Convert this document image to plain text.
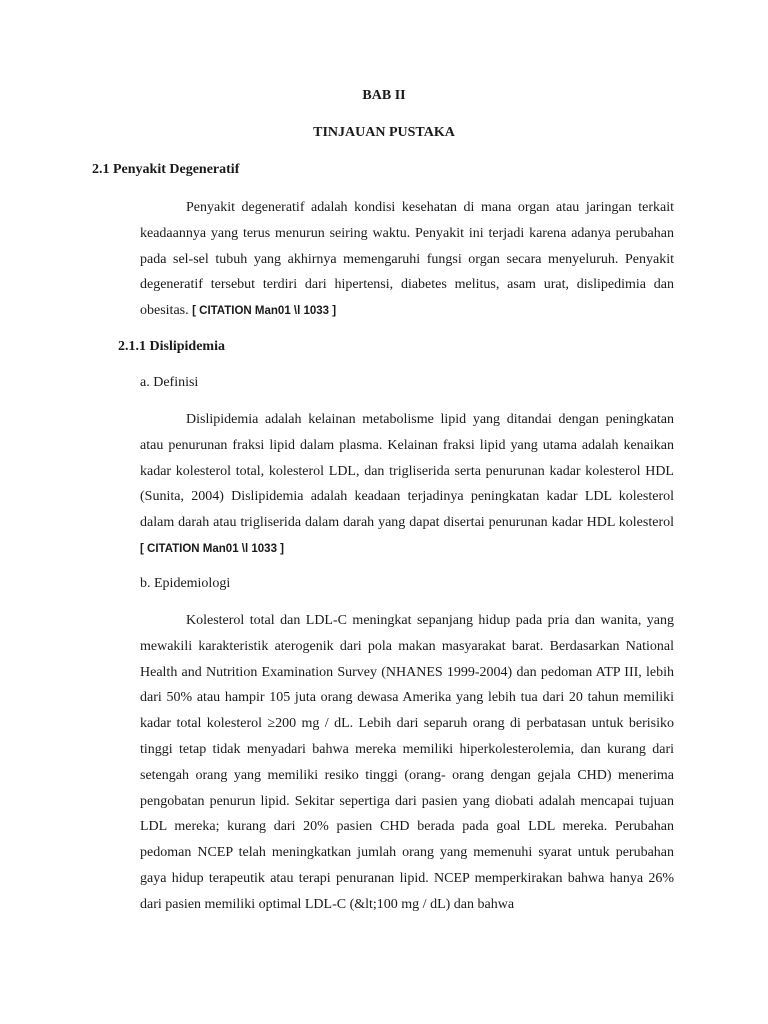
BAB II
TINJAUAN PUSTAKA
2.1 Penyakit Degeneratif

Penyakit degeneratif adalah kondisi kesehatan di mana organ atau jaringan terkait keadaannya yang terus menurun seiring waktu. Penyakit ini terjadi karena adanya perubahan pada sel-sel tubuh yang akhirnya memengaruhi fungsi organ secara menyeluruh. Penyakit degeneratif tersebut terdiri dari hipertensi, diabetes melitus, asam urat, dislipedimia dan obesitas. [ CITATION Man01 \l 1033 ]

2.1.1 Dislipidemia
a. Definisi

Dislipidemia adalah kelainan metabolisme lipid yang ditandai dengan peningkatan atau penurunan fraksi lipid dalam plasma. Kelainan fraksi lipid yang utama adalah kenaikan kadar kolesterol total, kolesterol LDL, dan trigliserida serta penurunan kadar kolesterol HDL (Sunita, 2004) Dislipidemia adalah keadaan terjadinya peningkatan kadar LDL kolesterol dalam darah atau trigliserida dalam darah yang dapat disertai penurunan kadar HDL kolesterol [ CITATION Man01 \l 1033 ]

b. Epidemiologi

Kolesterol total dan LDL-C meningkat sepanjang hidup pada pria dan wanita, yang mewakili karakteristik aterogenik dari pola makan masyarakat barat. Berdasarkan National Health and Nutrition Examination Survey (NHANES 1999-2004) dan pedoman ATP III, lebih dari 50% atau hampir 105 juta orang dewasa Amerika yang lebih tua dari 20 tahun memiliki kadar total kolesterol ≥200 mg / dL. Lebih dari separuh orang di perbatasan untuk berisiko tinggi tetap tidak menyadari bahwa mereka memiliki hiperkolesterolemia, dan kurang dari setengah orang yang memiliki resiko tinggi (orang- orang dengan gejala CHD) menerima pengobatan penurun lipid. Sekitar sepertiga dari pasien yang diobati adalah mencapai tujuan LDL mereka; kurang dari 20% pasien CHD berada pada goal LDL mereka. Perubahan pedoman NCEP telah meningkatkan jumlah orang yang memenuhi syarat untuk perubahan gaya hidup terapeutik atau terapi penuranan lipid. NCEP memperkirakan bahwa hanya 26% dari pasien memiliki optimal LDL-C (&lt;100 mg / dL) dan bahwa
